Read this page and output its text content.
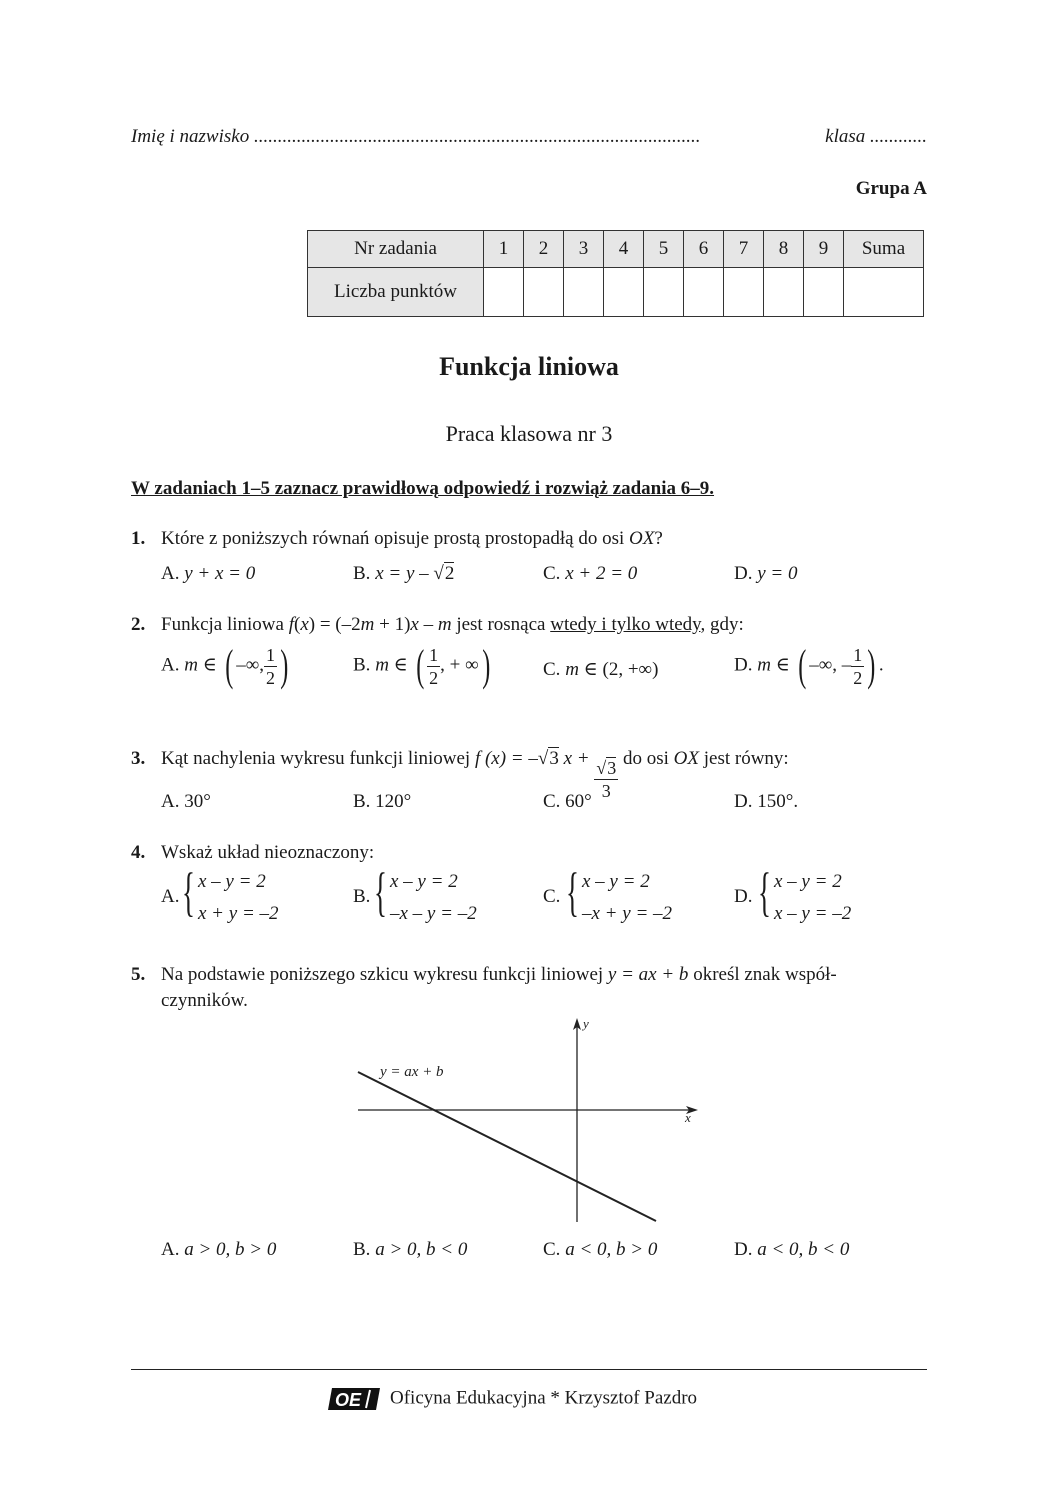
Imię i nazwisko ..............................................................................................	klasa ............
Grupa A
Nr zadania	1	2	3	4	5	6	7	8	9	Suma
Liczba punktów										
Funkcja liniowa
Praca klasowa nr 3
W zadaniach 1–5 zaznacz prawidłową odpowiedź i rozwiąż zadania 6–9.
1. Które z poniższych równań opisuje prostą prostopadłą do osi OX?
A. y + x = 0	B. x = y – √2	C. x + 2 = 0	D. y = 0
2. Funkcja liniowa f(x) = (–2m + 1)x – m jest rosnąca wtedy i tylko wtedy, gdy:
A. m ∈ ( –∞, $\frac{1}{2}$ )	B. m ∈ ( $\frac{1}{2}$ , + ∞)	C. m ∈ (2, +∞)	D. m ∈ ( –∞, – $\frac{1}{2}$ ) .
3. Kąt nachylenia wykresu funkcji liniowej f (x) = –√3 x +
$\frac{√3}{3}$
do osi OX jest równy:
A. 30°	B. 120°	C. 60°	D. 150°.
4. Wskaż układ nieoznaczony:
A. { x – y = 2
x + y = –2
B. { x – y = 2
–x – y = –2
C. { x – y = 2
–x + y = –2
D. { x – y = 2
x – y = –2
5. Na podstawie poniższego szkicu wykresu funkcji liniowej y = ax + b określ znak współ-
czynników.
y = ax + b
x
y
A. a > 0, b > 0	B. a > 0, b < 0	C. a < 0, b > 0	D. a < 0, b < 0
OE Oficyna Edukacyjna * Krzysztof Pazdro
